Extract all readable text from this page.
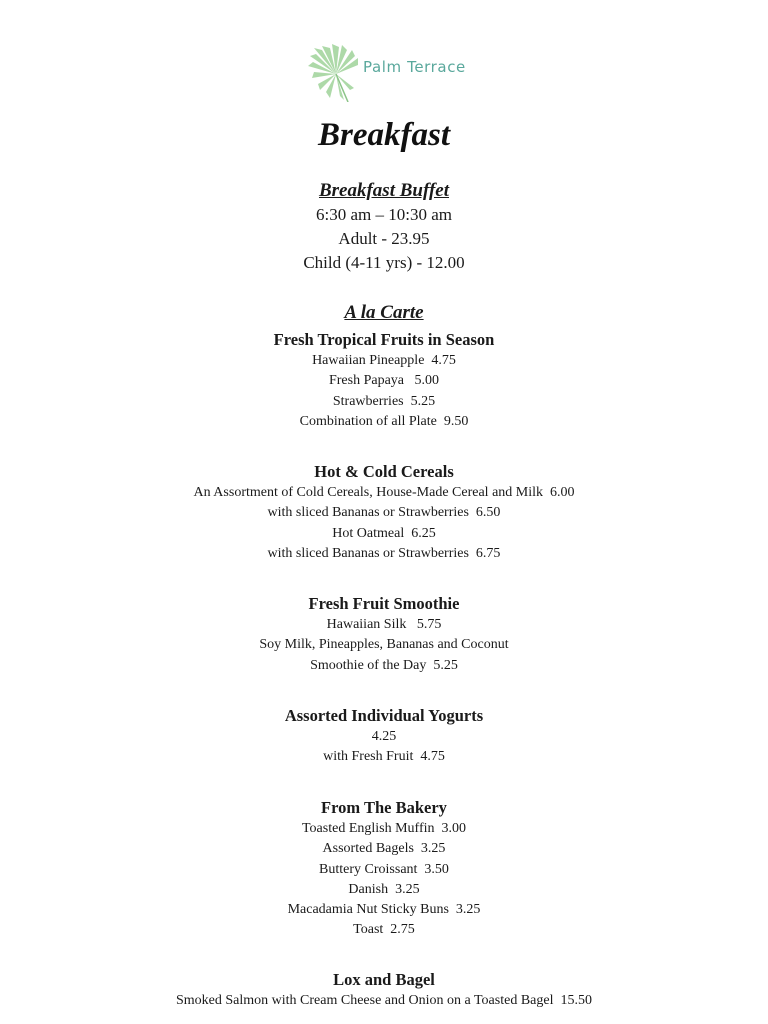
Palm Terrace
Breakfast
Breakfast Buffet
6:30 am – 10:30 am
Adult - 23.95
Child (4-11 yrs) - 12.00
A la Carte
Fresh Tropical Fruits in Season
Hawaiian Pineapple  4.75
Fresh Papaya   5.00
Strawberries  5.25
Combination of all Plate  9.50
Hot & Cold Cereals
An Assortment of Cold Cereals, House-Made Cereal and Milk  6.00
with sliced Bananas or Strawberries  6.50
Hot Oatmeal  6.25
with sliced Bananas or Strawberries  6.75
Fresh Fruit Smoothie
Hawaiian Silk   5.75
Soy Milk, Pineapples, Bananas and Coconut
Smoothie of the Day  5.25
Assorted Individual Yogurts
4.25
with Fresh Fruit  4.75
From The Bakery
Toasted English Muffin  3.00
Assorted Bagels  3.25
Buttery Croissant  3.50
Danish  3.25
Macadamia Nut Sticky Buns  3.25
Toast  2.75
Lox and Bagel
Smoked Salmon with Cream Cheese and Onion on a Toasted Bagel  15.50
